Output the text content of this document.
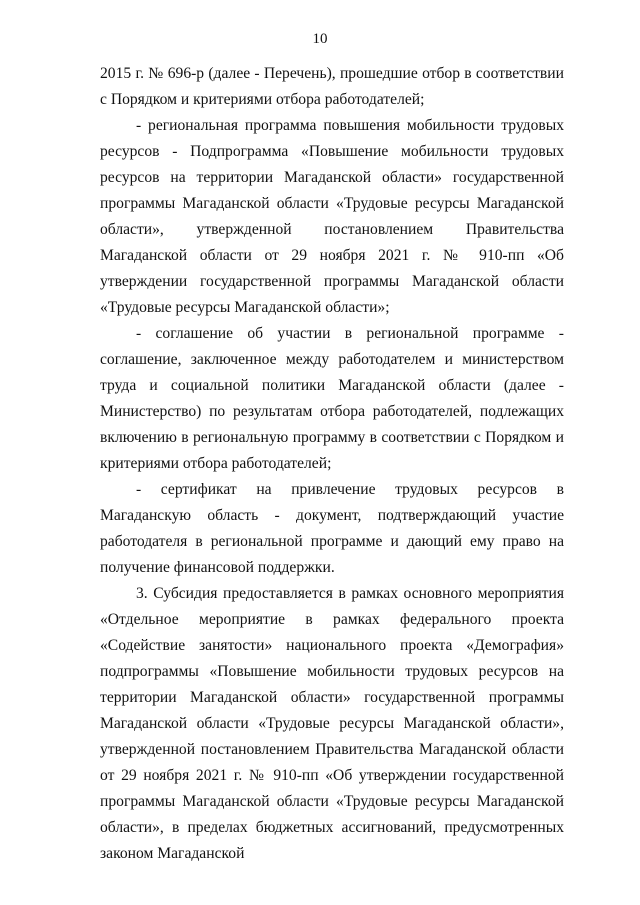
10

2015 г. № 696-р (далее - Перечень), прошедшие отбор в соответствии с Порядком и критериями отбора работодателей;

- региональная программа повышения мобильности трудовых ресурсов - Подпрограмма «Повышение мобильности трудовых ресурсов на территории Магаданской области» государственной программы Магаданской области «Трудовые ресурсы Магаданской области», утвержденной постановлением Правительства Магаданской области от 29 ноября 2021 г. № 910-пп «Об утверждении государственной программы Магаданской области «Трудовые ресурсы Магаданской области»;

- соглашение об участии в региональной программе - соглашение, заключенное между работодателем и министерством труда и социальной политики Магаданской области (далее - Министерство) по результатам отбора работодателей, подлежащих включению в региональную программу в соответствии с Порядком и критериями отбора работодателей;

- сертификат на привлечение трудовых ресурсов в Магаданскую область - документ, подтверждающий участие работодателя в региональной программе и дающий ему право на получение финансовой поддержки.

3. Субсидия предоставляется в рамках основного мероприятия «Отдельное мероприятие в рамках федерального проекта «Содействие занятости» национального проекта «Демография» подпрограммы «Повышение мобильности трудовых ресурсов на территории Магаданской области» государственной программы Магаданской области «Трудовые ресурсы Магаданской области», утвержденной постановлением Правительства Магаданской области от 29 ноября 2021 г. № 910-пп «Об утверждении государственной программы Магаданской области «Трудовые ресурсы Магаданской области», в пределах бюджетных ассигнований, предусмотренных законом Магаданской
